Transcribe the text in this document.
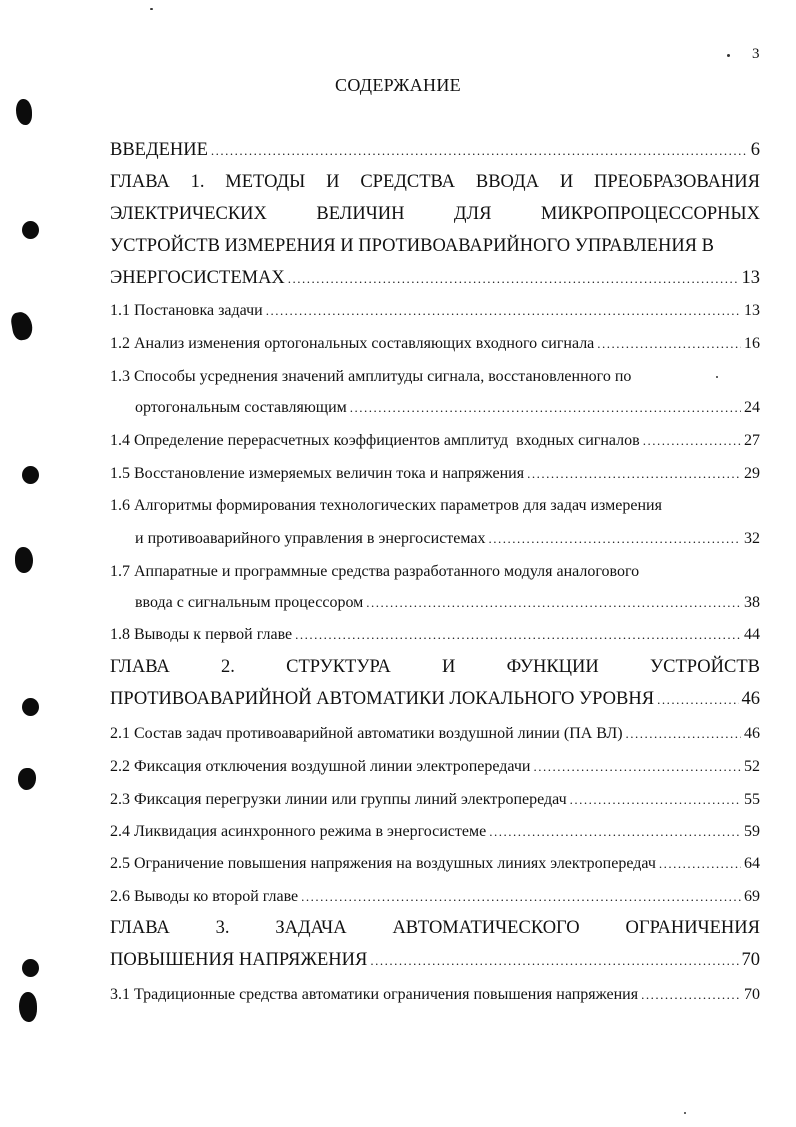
3
СОДЕРЖАНИЕ
ВВЕДЕНИЕ .....	6
ГЛАВА 1. МЕТОДЫ И СРЕДСТВА ВВОДА И ПРЕОБРАЗОВАНИЯ
ЭЛЕКТРИЧЕСКИХ	ВЕЛИЧИН	ДЛЯ	МИКРОПРОЦЕССОРНЫХ
УСТРОЙСТВ ИЗМЕРЕНИЯ И ПРОТИВОАВАРИЙНОГО УПРАВЛЕНИЯ В
ЭНЕРГОСИСТЕМАХ .....	13
1.1 Постановка задачи .....	13
1.2 Анализ изменения ортогональных составляющих входного сигнала .....	16
1.3 Способы усреднения значений амплитуды сигнала, восстановленного по
ортогональным составляющим .....	24
1.4 Определение перерасчетных коэффициентов амплитуд  входных сигналов .....	27
1.5 Восстановление измеряемых величин тока и напряжения .....	29
1.6 Алгоритмы формирования технологических параметров для задач измерения
и противоаварийного управления в энергосистемах .....	32
1.7 Аппаратные и программные средства разработанного модуля аналогового
ввода с сигнальным процессором .....	38
1.8 Выводы к первой главе .....	44
ГЛАВА	2.	СТРУКТУРА	И	ФУНКЦИИ	УСТРОЙСТВ
ПРОТИВОАВАРИЙНОЙ АВТОМАТИКИ ЛОКАЛЬНОГО УРОВНЯ .....	46
2.1 Состав задач противоаварийной автоматики воздушной линии (ПА ВЛ) .....	46
2.2 Фиксация отключения воздушной линии электропередачи .....	52
2.3 Фиксация перегрузки линии или группы линий электропередач .....	55
2.4 Ликвидация асинхронного режима в энергосистеме .....	59
2.5 Ограничение повышения напряжения на воздушных линиях электропередач .....	64
2.6 Выводы ко второй главе .....	69
ГЛАВА 3. ЗАДАЧА АВТОМАТИЧЕСКОГО ОГРАНИЧЕНИЯ
ПОВЫШЕНИЯ НАПРЯЖЕНИЯ .....	70
3.1 Традиционные средства автоматики ограничения повышения напряжения .....	70
